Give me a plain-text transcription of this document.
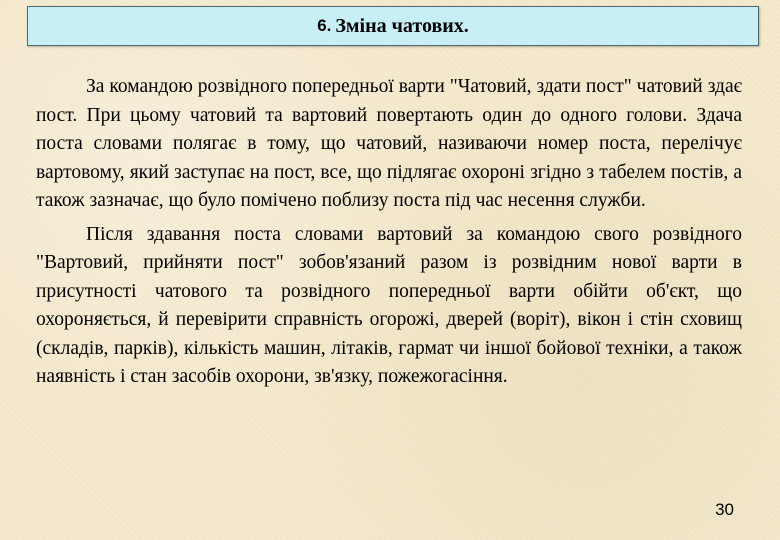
6. Зміна чатових.

За командою розвідного попередньої варти "Чатовий, здати пост" чатовий здає пост. При цьому чатовий та вартовий повертають один до одного голови. Здача поста словами полягає в тому, що чатовий, називаючи номер поста, перелічує вартовому, який заступає на пост, все, що підлягає охороні згідно з табелем постів, а також зазначає, що було помічено поблизу поста під час несення служби.

Після здавання поста словами вартовий за командою свого розвідного "Вартовий, прийняти пост" зобов'язаний разом із розвідним нової варти в присутності чатового та розвідного попередньої варти обійти об'єкт, що охороняється, й перевірити справність огорожі, дверей (воріт), вікон і стін сховищ (складів, парків), кількість машин, літаків, гармат чи іншої бойової техніки, а також наявність і стан засобів охорони, зв'язку, пожежогасіння.

30
